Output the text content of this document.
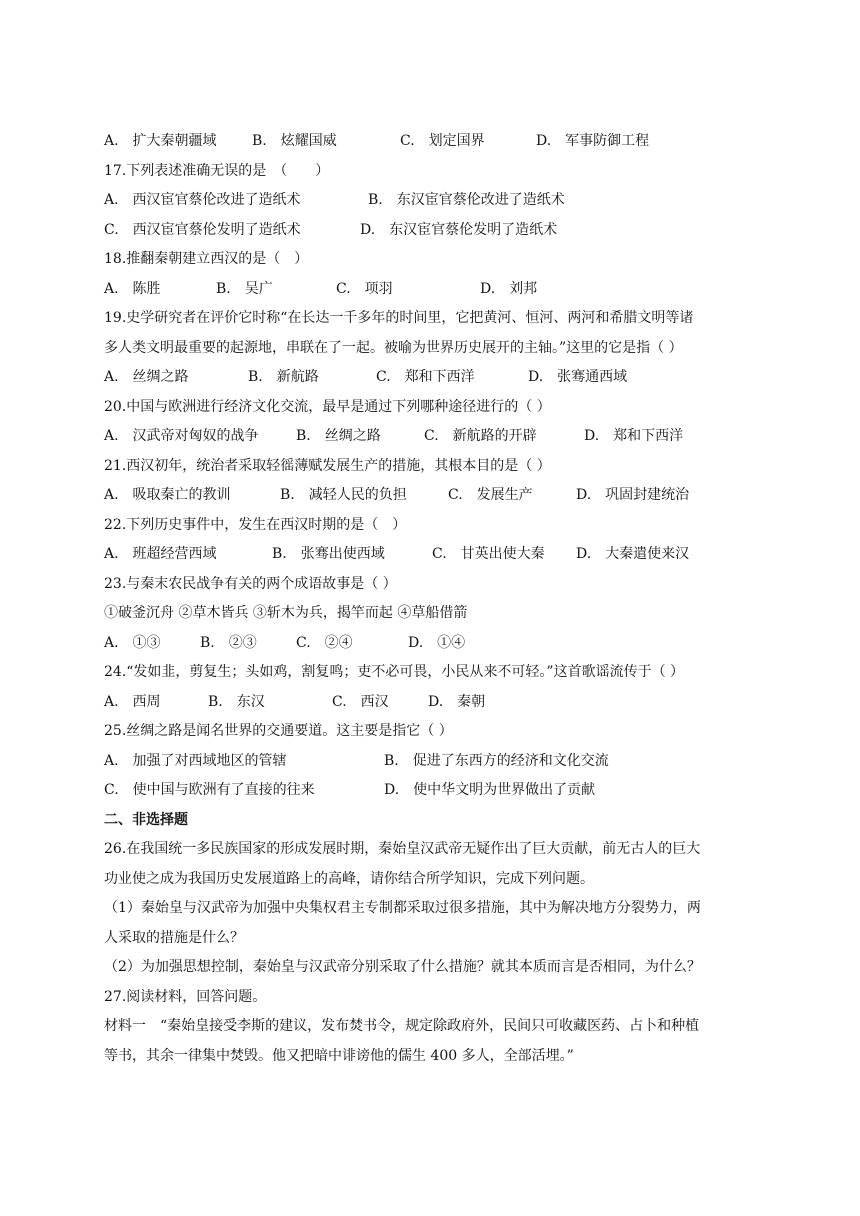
A.　扩大秦朝疆域	B.　炫耀国威	C.　划定国界	D.　军事防御工程
17.下列表述准确无误的是　（　　）
A.　西汉宦官蔡伦改进了造纸术	B.　东汉宦官蔡伦改进了造纸术
C.　西汉宦官蔡伦发明了造纸术	D.　东汉宦官蔡伦发明了造纸术
18.推翻秦朝建立西汉的是（　）
A.　陈胜	B.　吴广	C.　项羽	D.　刘邦
19.史学研究者在评价它时称“在长达一千多年的时间里，它把黄河、恒河、两河和希腊文明等诸
多人类文明最重要的起源地，串联在了一起。被喻为世界历史展开的主轴。”这里的它是指（ ）
A.　丝绸之路	B.　新航路	C.　郑和下西洋	D.　张骞通西域
20.中国与欧洲进行经济文化交流，最早是通过下列哪种途径进行的（ ）
A.　汉武帝对匈奴的战争	B.　丝绸之路	C.　新航路的开辟	D.　郑和下西洋
21.西汉初年，统治者采取轻徭薄赋发展生产的措施，其根本目的是（ ）
A.　吸取秦亡的教训	B.　减轻人民的负担	C.　发展生产	D.　巩固封建统治
22.下列历史事件中，发生在西汉时期的是（　）
A.　班超经营西域	B.　张骞出使西域	C.　甘英出使大秦 D.　大秦遣使来汉
23.与秦末农民战争有关的两个成语故事是（ ）
①破釜沉舟 ②草木皆兵 ③斩木为兵，揭竿而起 ④草船借箭
A.　①③	B.　②③	C.　②④	D.　①④
24.“发如韭，剪复生；头如鸡，割复鸣；吏不必可畏，小民从来不可轻。”这首歌谣流传于（ ）
A.　西周	B.　东汉	C.　西汉	D.　秦朝
25.丝绸之路是闻名世界的交通要道。这主要是指它（ ）
A.　加强了对西域地区的管辖	B.　促进了东西方的经济和文化交流
C.　使中国与欧洲有了直接的往来	D.　使中华文明为世界做出了贡献
二、非选择题
26.在我国统一多民族国家的形成发展时期，秦始皇汉武帝无疑作出了巨大贡献，前无古人的巨大
功业使之成为我国历史发展道路上的高峰，请你结合所学知识，完成下列问题。
（1）秦始皇与汉武帝为加强中央集权君主专制都采取过很多措施，其中为解决地方分裂势力，两
人采取的措施是什么？
（2）为加强思想控制，秦始皇与汉武帝分别采取了什么措施？就其本质而言是否相同，为什么？
27.阅读材料，回答问题。
材料一　“秦始皇接受李斯的建议，发布焚书令，规定除政府外，民间只可收藏医药、占卜和种植
等书，其余一律集中焚毁。他又把暗中诽谤他的儒生 400 多人，全部活埋。”
